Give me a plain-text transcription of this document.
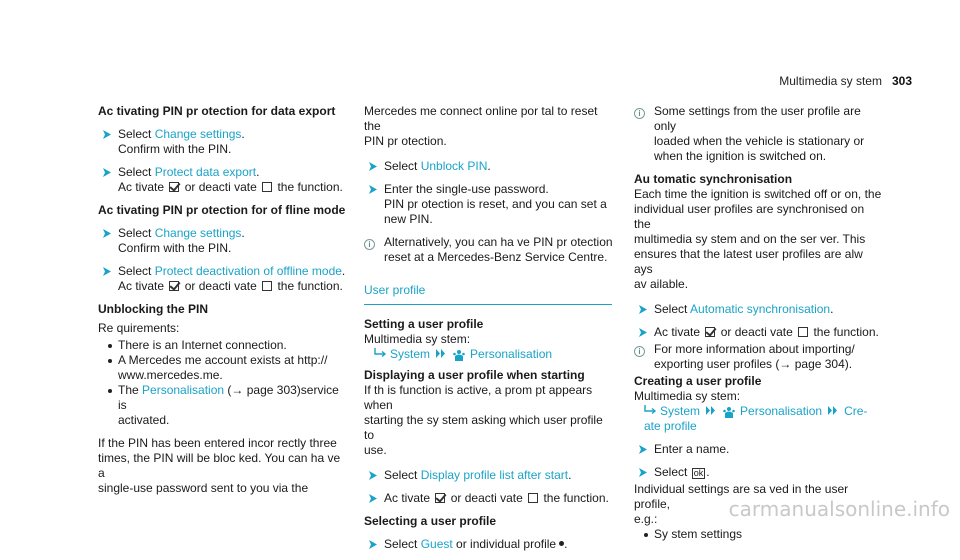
Multimedia sy stem 303
Ac tivating PIN pr otection for data export
Select Change settings.
Confirm with the PIN.
Select Protect data export.
Ac tivate or deacti vate the function.
Ac tivating PIN pr otection for of fline mode
Select Change settings.
Confirm with the PIN.
Select Protect deactivation of offline mode.
Ac tivate or deacti vate the function.
Unblocking the PIN
Re quirements:
There is an Internet connection.
A Mercedes me account exists at http://
www.mercedes.me.
The Personalisation (→ page 303)service is
activated.
If the PIN has been entered incor rectly three
times, the PIN will be bloc ked. You can ha ve a
single-use password sent to you via the
Mercedes me connect online por tal to reset the
PIN pr otection.
Select Unblock PIN.
Enter the single-use password.
PIN pr otection is reset, and you can set a
new PIN.
i	Alternatively, you can ha ve PIN pr otection
reset at a Mercedes-Benz Service Centre.
User profile
Setting a user profile
Multimedia sy stem:
System	Personalisation
Displaying a user profile when starting
If th is function is active, a prom pt appears when
starting the sy stem asking which user profile to
use.
Select Display profile list after start.
Ac tivate or deacti vate the function.
Selecting a user profile
Select Guest or individual profile .
i	Some settings from the user profile are only
loaded when the vehicle is stationary or
when the ignition is switched on.
Au tomatic synchronisation
Each time the ignition is switched off or on, the
individual user profiles are synchronised on the
multimedia sy stem and on the ser ver. This
ensures that the latest user profiles are alw ays
av ailable.
Select Automatic synchronisation.
Ac tivate or deacti vate the function.
i	For more information about importing/
exporting user profiles (→ page 304).
Creating a user profile
Multimedia sy stem:
System	Personalisation Cre-
ate profile
Enter a name.
Select ok .
Individual settings are sa ved in the user profile,
e.g.:
Sy stem settings
carmanualsonline.info
